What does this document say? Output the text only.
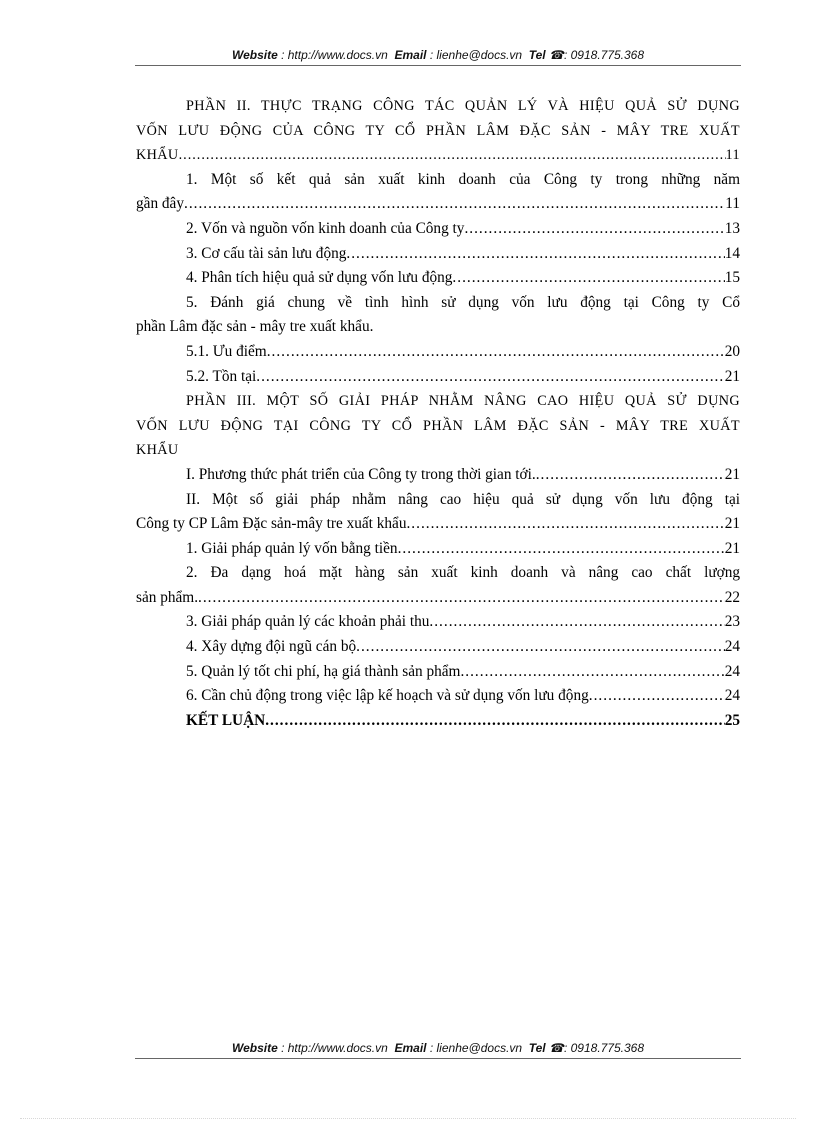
Website : http://www.docs.vn Email : lienhe@docs.vn Tel ☎: 0918.775.368
PHẦN II. THỰC TRẠNG CÔNG TÁC QUẢN LÝ VÀ HIỆU QUẢ SỬ DỤNG
VỐN LƯU ĐỘNG CỦA CÔNG TY CỔ PHẦN LÂM ĐẶC SẢN - MÂY TRE XUẤT
KHẨU .....	11
1. Một số kết quả sản xuất kinh doanh của Công ty trong những năm
gần đây .....	11
2. Vốn và nguồn vốn kinh doanh của Công ty .....	13
3. Cơ cấu tài sản lưu động .....	14
4. Phân tích hiệu quả sử dụng vốn lưu động .....	15
5. Đánh giá chung về tình hình sử dụng vốn lưu động tại Công ty Cổ
phần Lâm đặc sản - mây tre xuất khẩu.
5.1. Ưu điểm .....	20
5.2. Tồn tại .....	21
PHẦN III. MỘT SỐ GIẢI PHÁP NHẰM NÂNG CAO HIỆU QUẢ SỬ DỤNG
VỐN LƯU ĐỘNG TẠI CÔNG TY CỔ PHẦN LÂM ĐẶC SẢN - MÂY TRE XUẤT
KHẨU
I. Phương thức phát triển của Công ty trong thời gian tới. .....	21
II. Một số giải pháp nhằm nâng cao hiệu quả sử dụng vốn lưu động tại
Công ty CP Lâm Đặc sản-mây tre xuất khẩu .....	21
1. Giải pháp quản lý vốn bằng tiền .....	21
2. Đa dạng hoá mặt hàng sản xuất kinh doanh và nâng cao chất lượng
sản phẩm. .....	22
3. Giải pháp quản lý các khoản phải thu .....	23
4. Xây dựng đội ngũ cán bộ .....	24
5. Quản lý tốt chi phí, hạ giá thành sản phẩm .....	24
6. Cần chủ động trong việc lập kế hoạch và sử dụng vốn lưu động .....	24
KẾT LUẬN .....	25
Website : http://www.docs.vn Email : lienhe@docs.vn Tel ☎: 0918.775.368
